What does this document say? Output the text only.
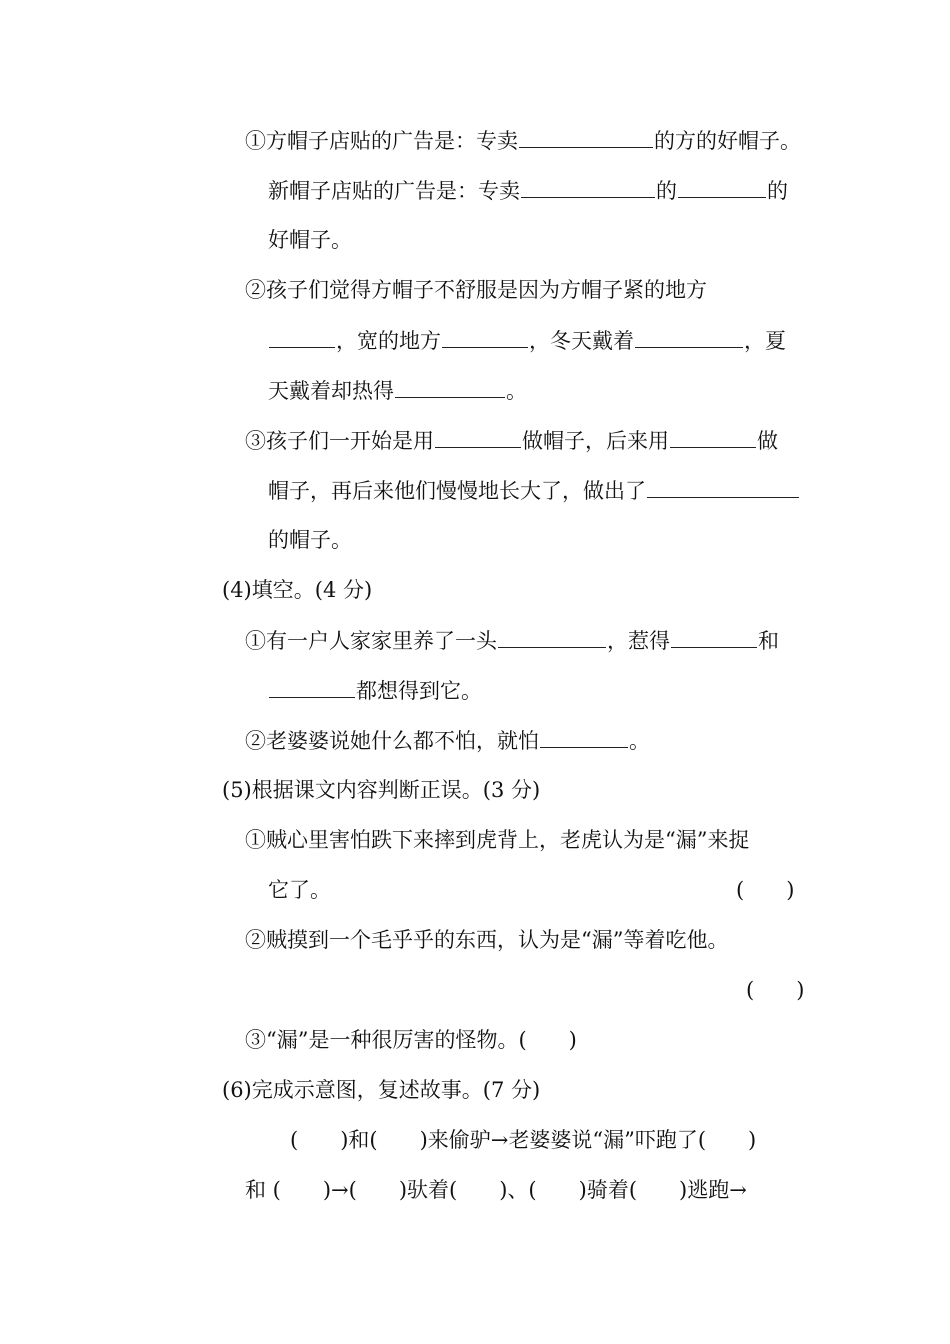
①方帽子店贴的广告是：专卖	的方的好帽子。
新帽子店贴的广告是：专卖	的	的
好帽子。
②孩子们觉得方帽子不舒服是因为方帽子紧的地方
，宽的地方	，冬天戴着	，夏
天戴着却热得	。
③孩子们一开始是用	做帽子，后来用	做
帽子，再后来他们慢慢地长大了，做出了
的帽子。
(4)填空。(4 分)
①有一户人家家里养了一头	，惹得	和
都想得到它。
②老婆婆说她什么都不怕，就怕	。
(5)根据课文内容判断正误。(3 分)
①贼心里害怕跌下来摔到虎背上，老虎认为是“漏”来捉
它了。	(　　)
②贼摸到一个毛乎乎的东西，认为是“漏”等着吃他。
(　　)
③“漏”是一种很厉害的怪物。(　　)
(6)完成示意图，复述故事。(7 分)
(　　)和(　　)来偷驴→老婆婆说“漏”吓跑了(　　)
和 (　　)→(　　)驮着(　　)、(　　)骑着(　　)逃跑→
